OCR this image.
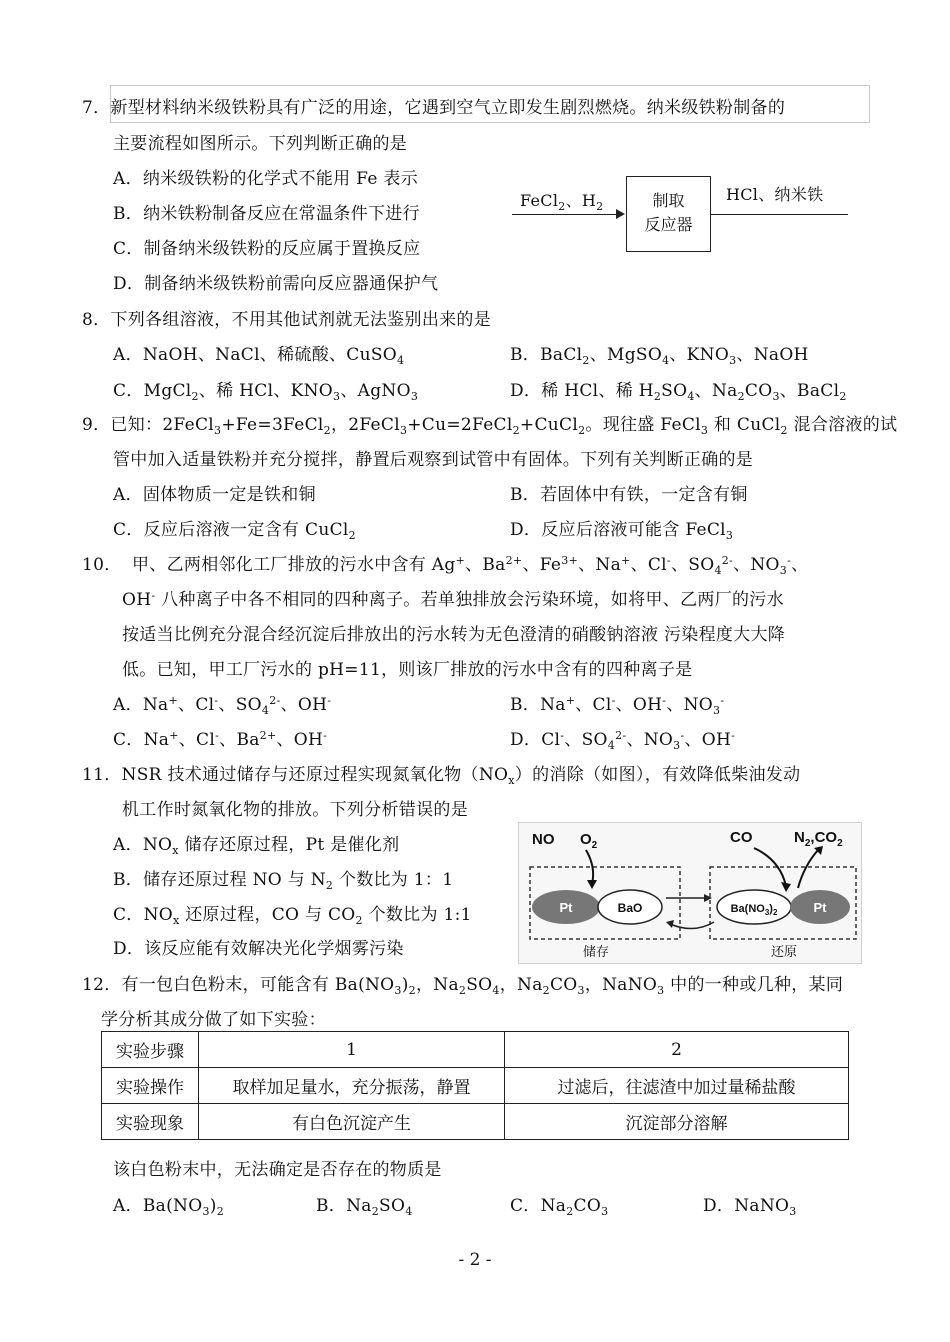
7．新型材料纳米级铁粉具有广泛的用途，它遇到空气立即发生剧烈燃烧。纳米级铁粉制备的
主要流程如图所示。下列判断正确的是
A．纳米级铁粉的化学式不能用 Fe 表示
B．纳米铁粉制备反应在常温条件下进行
C．制备纳米级铁粉的反应属于置换反应
D．制备纳米级铁粉前需向反应器通保护气
FeCl$_2$、$H_2$	制取
反应器
HCl、纳米铁
8．下列各组溶液，不用其他试剂就无法鉴别出来的是
A．NaOH、NaCl、稀硫酸、CuSO$_4$	B．BaCl$_2$、MgSO$_4$、$KNO_3$、NaOH
C．MgCl$_2$、稀 HCl、$KNO_3$、AgNO$_3$	D．稀 HCl、稀 $H_2SO_4$、$Na_2CO_3$、BaCl$_2$
9．已知：2FeCl$_3$+Fe=3FeCl$_2$，2FeCl$_3$+Cu=2FeCl$_2$+CuCl$_2$。现往盛 FeCl$_3$ 和 CuCl$_2$ 混合溶液的试
管中加入适量铁粉并充分搅拌，静置后观察到试管中有固体。下列有关判断正确的是
A．固体物质一定是铁和铜	B．若固体中有铁，一定含有铜
C．反应后溶液一定含有 CuCl$_2$	D．反应后溶液可能含 FeCl$_3$
10． 甲、乙两相邻化工厂排放的污水中含有 Ag+、$Ba^{2+}$、$Fe^{3+}$、Na+、Cl-、$SO_4^{2-}$、$NO_3^-$、
OH- 八种离子中各不相同的四种离子。若单独排放会污染环境，如将甲、乙两厂的污水
按适当比例充分混合经沉淀后排放出的污水转为无色澄清的硝酸钠溶液 污染程度大大降
低。已知，甲工厂污水的 pH=11，则该厂排放的污水中含有的四种离子是
A．Na+、Cl-、$SO_4^{2-}$、OH-	B．Na+、Cl-、OH-、$NO_3^-$
C．Na+、Cl-、$Ba^{2+}$、OH-	D．Cl-、$SO_4^{2-}$、$NO_3^-$、OH-
11．NSR 技术通过储存与还原过程实现氮氧化物$(NO_x)$的消除（如图），有效降低柴油发动
机工作时氮氧化物的排放。下列分析错误的是
A．$NO_x$ 储存还原过程，Pt 是催化剂
B．储存还原过程 NO 与 $N_2$ 个数比为 1：1
C．$NO_x$ 还原过程，CO 与 $CO_2$ 个数比为 1:1
D．该反应能有效解决光化学烟雾污染
Pt	BaO	$Ba(NO_3)_2$	Pt
NO $O_2$	CO	$N_2,CO_2$
储存	还原
12．有一包白色粉末，可能含有 $Ba(NO_3)_2$，$Na_2SO_4$，$Na_2CO_3$，NaNO$_3$ 中的一种或几种，某同
学分析其成分做了如下实验：
实验步骤	1	2
实验操作	取样加足量水，充分振荡，静置	过滤后，往滤渣中加过量稀盐酸
实验现象	有白色沉淀产生	沉淀部分溶解
该白色粉末中，无法确定是否存在的物质是
A．$Ba(NO_3)_2$	B．$Na_2SO_4$	C．$Na_2CO_3$	D．NaNO$_3$
- 2 -
